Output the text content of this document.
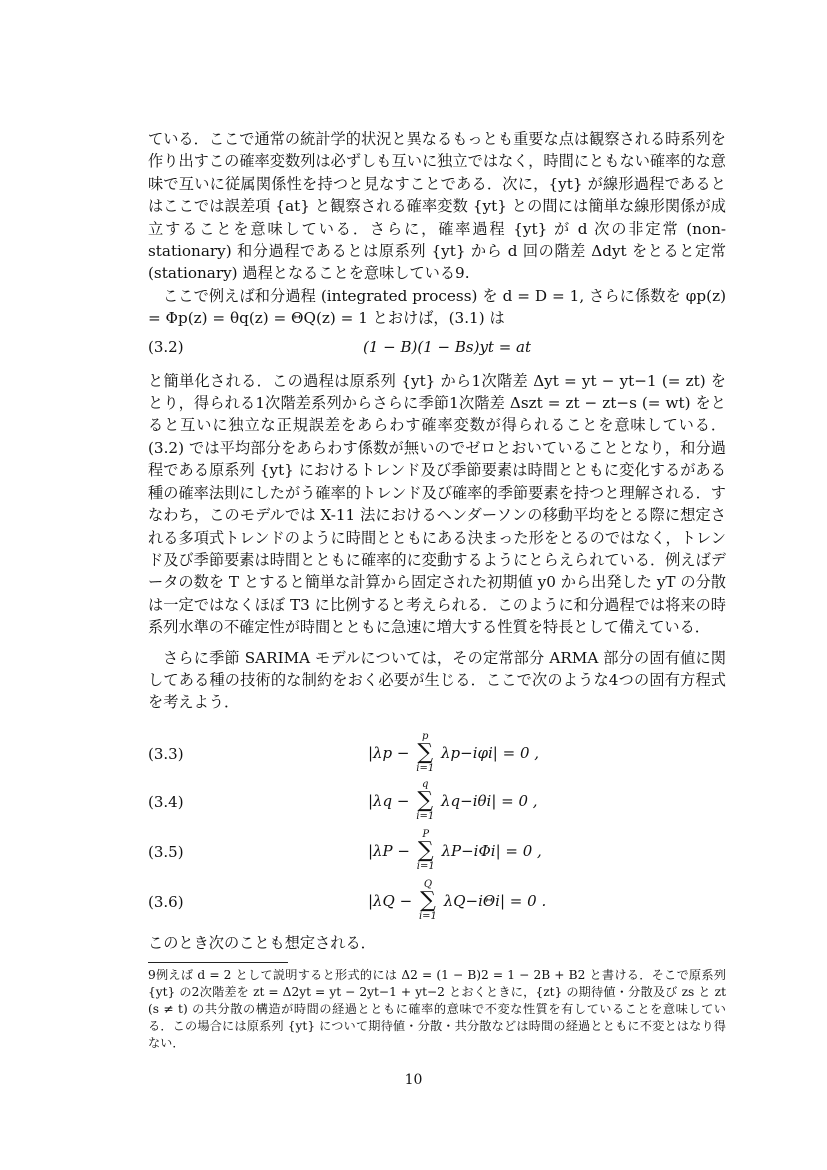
ている．ここで通常の統計学的状況と異なるもっとも重要な点は観察される時系列を作り出すこの確率変数列は必ずしも互いに独立ではなく，時間にともない確率的な意味で互いに従属関係性を持つと見なすことである．次に，{yt} が線形過程であるとはここでは誤差項 {at} と観察される確率変数 {yt} との間には簡単な線形関係が成立することを意味している．さらに，確率過程 {yt} が d 次の非定常 (non-stationary) 和分過程であるとは原系列 {yt} から d 回の階差 Δdyt をとると定常 (stationary) 過程となることを意味している9.

ここで例えば和分過程 (integrated process) を d = D = 1, さらに係数を φp(z) = Φp(z) = θq(z) = ΘQ(z) = 1 とおけば，(3.1) は

(3.2)	(1 − B)(1 − Bs)yt = at

と簡単化される．この過程は原系列 {yt} から1次階差 Δyt = yt − yt−1 (= zt) をとり，得られる1次階差系列からさらに季節1次階差 Δszt = zt − zt−s (= wt) をとると互いに独立な正規誤差をあらわす確率変数が得られることを意味している．(3.2) では平均部分をあらわす係数が無いのでゼロとおいていることとなり，和分過程である原系列 {yt} におけるトレンド及び季節要素は時間とともに変化するがある種の確率法則にしたがう確率的トレンド及び確率的季節要素を持つと理解される．すなわち，このモデルでは X-11 法におけるヘンダーソンの移動平均をとる際に想定される多項式トレンドのように時間とともにある決まった形をとるのではなく，トレンド及び季節要素は時間とともに確率的に変動するようにとらえられている．例えばデータの数を T とすると簡単な計算から固定された初期値 y0 から出発した yT の分散は一定ではなくほぼ T3 に比例すると考えられる．このように和分過程では将来の時系列水準の不確定性が時間とともに急速に増大する性質を特長として備えている．

さらに季節 SARIMA モデルについては，その定常部分 ARMA 部分の固有値に関してある種の技術的な制約をおく必要が生じる．ここで次のような4つの固有方程式を考えよう．

(3.3)	|λp − p
∑
i=1 λp−iφi| = 0 ,
(3.4)	|λq − q
∑
i=1 λq−iθi| = 0 ,
(3.5)	|λP − P
∑
i=1 λP−iΦi| = 0 ,
(3.6)	|λQ − Q
∑
i=1 λQ−iΘi| = 0 .

このとき次のことも想定される．

9例えば d = 2 として説明すると形式的には Δ2 = (1 − B)2 = 1 − 2B + B2 と書ける．そこで原系列 {yt} の2次階差を zt = Δ2yt = yt − 2yt−1 + yt−2 とおくときに，{zt} の期待値・分散及び zs と zt (s ≠ t) の共分散の構造が時間の経過とともに確率的意味で不変な性質を有していることを意味している．この場合には原系列 {yt} について期待値・分散・共分散などは時間の経過とともに不変とはなり得ない．

10
